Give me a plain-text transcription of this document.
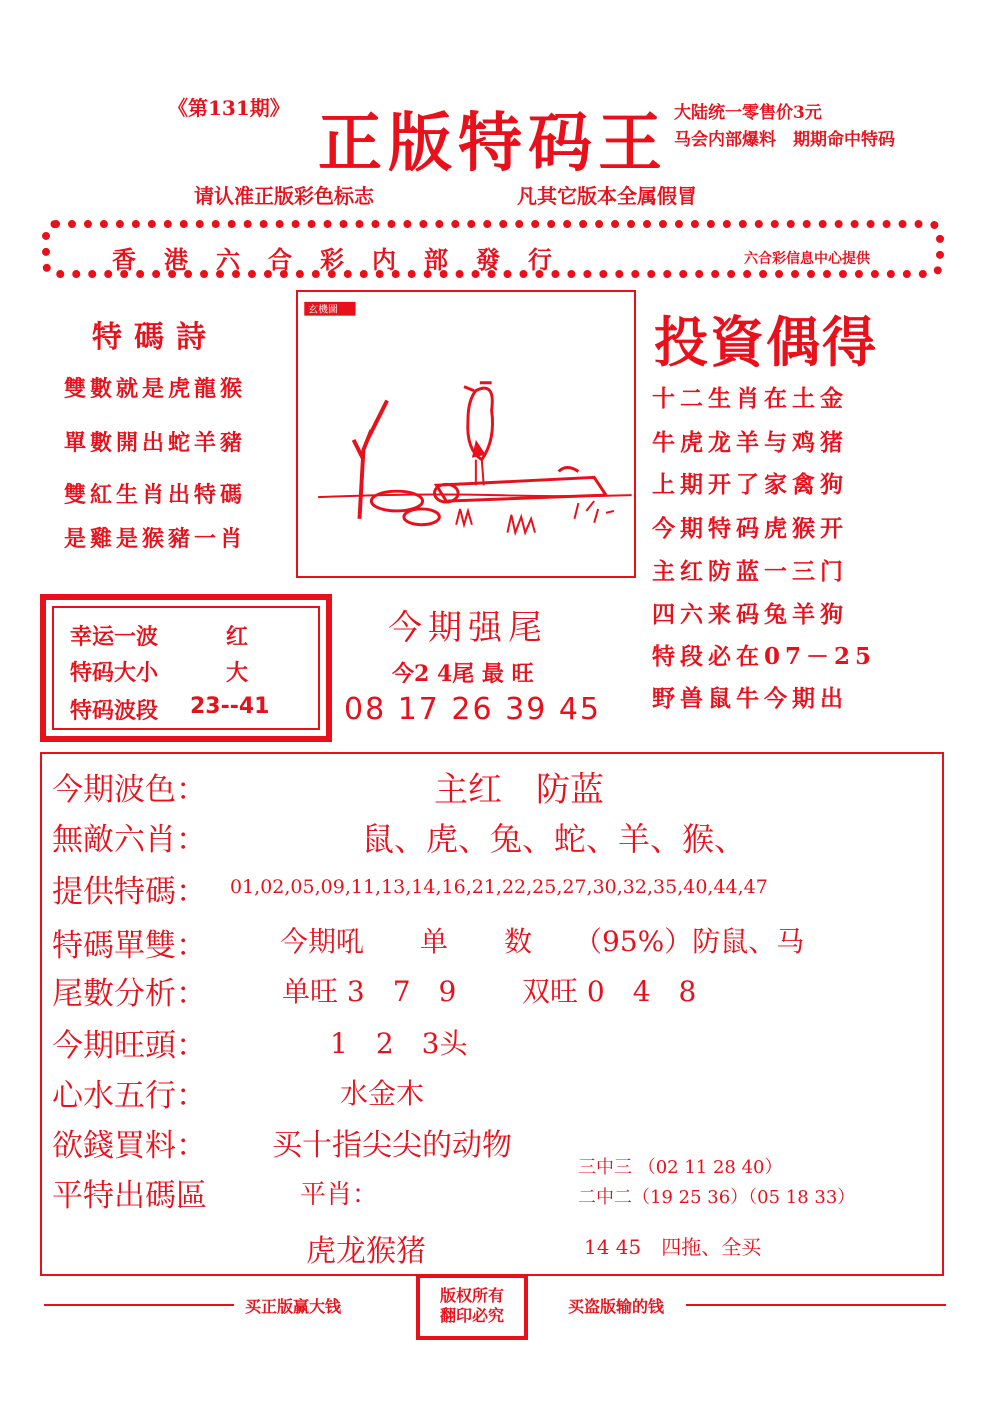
《第131期》 正版特码王 大陆统一零售价3元
马会内部爆料　期期命中特码
请认准正版彩色标志	凡其它版本全属假冒
香港六合彩内部發行	六合彩信息中心提供
特碼詩
雙數就是虎龍猴
單數開出蛇羊豬
雙紅生肖出特碼
是雞是猴豬一肖
玄機圖	投資偶得
十二生肖在土金
牛虎龙羊与鸡猪
上期开了家禽狗
今期特码虎猴开
主红防蓝一三门
四六来码兔羊狗
特段必在07－25
野兽鼠牛今期出
幸运一波	红
特码大小	大
特码波段 23--41
今期强尾
今2 4尾 最 旺
08 17 26 39 45
今期波色：	主红　防蓝
無敵六肖：	鼠、虎、兔、蛇、羊、猴、
提供特碼： 01,02,05,09,11,13,14,16,21,22,25,27,30,32,35,40,44,47
特碼單雙：	今期吼　　单　　数　　（95%）防鼠、马
尾數分析：	单旺 3　7　9 双旺 0　4　8
今期旺頭：	1　2　3头
心水五行：	水金木
欲錢買料： 买十指尖尖的动物
平特出碼區	平肖：
虎龙猴猪
三中三 （02 11 28 40）
二中二（19 25 36）（05 18 33）
14 45　四拖、全买
买正版赢大钱
版权所有
翻印必究	买盗版输的钱
